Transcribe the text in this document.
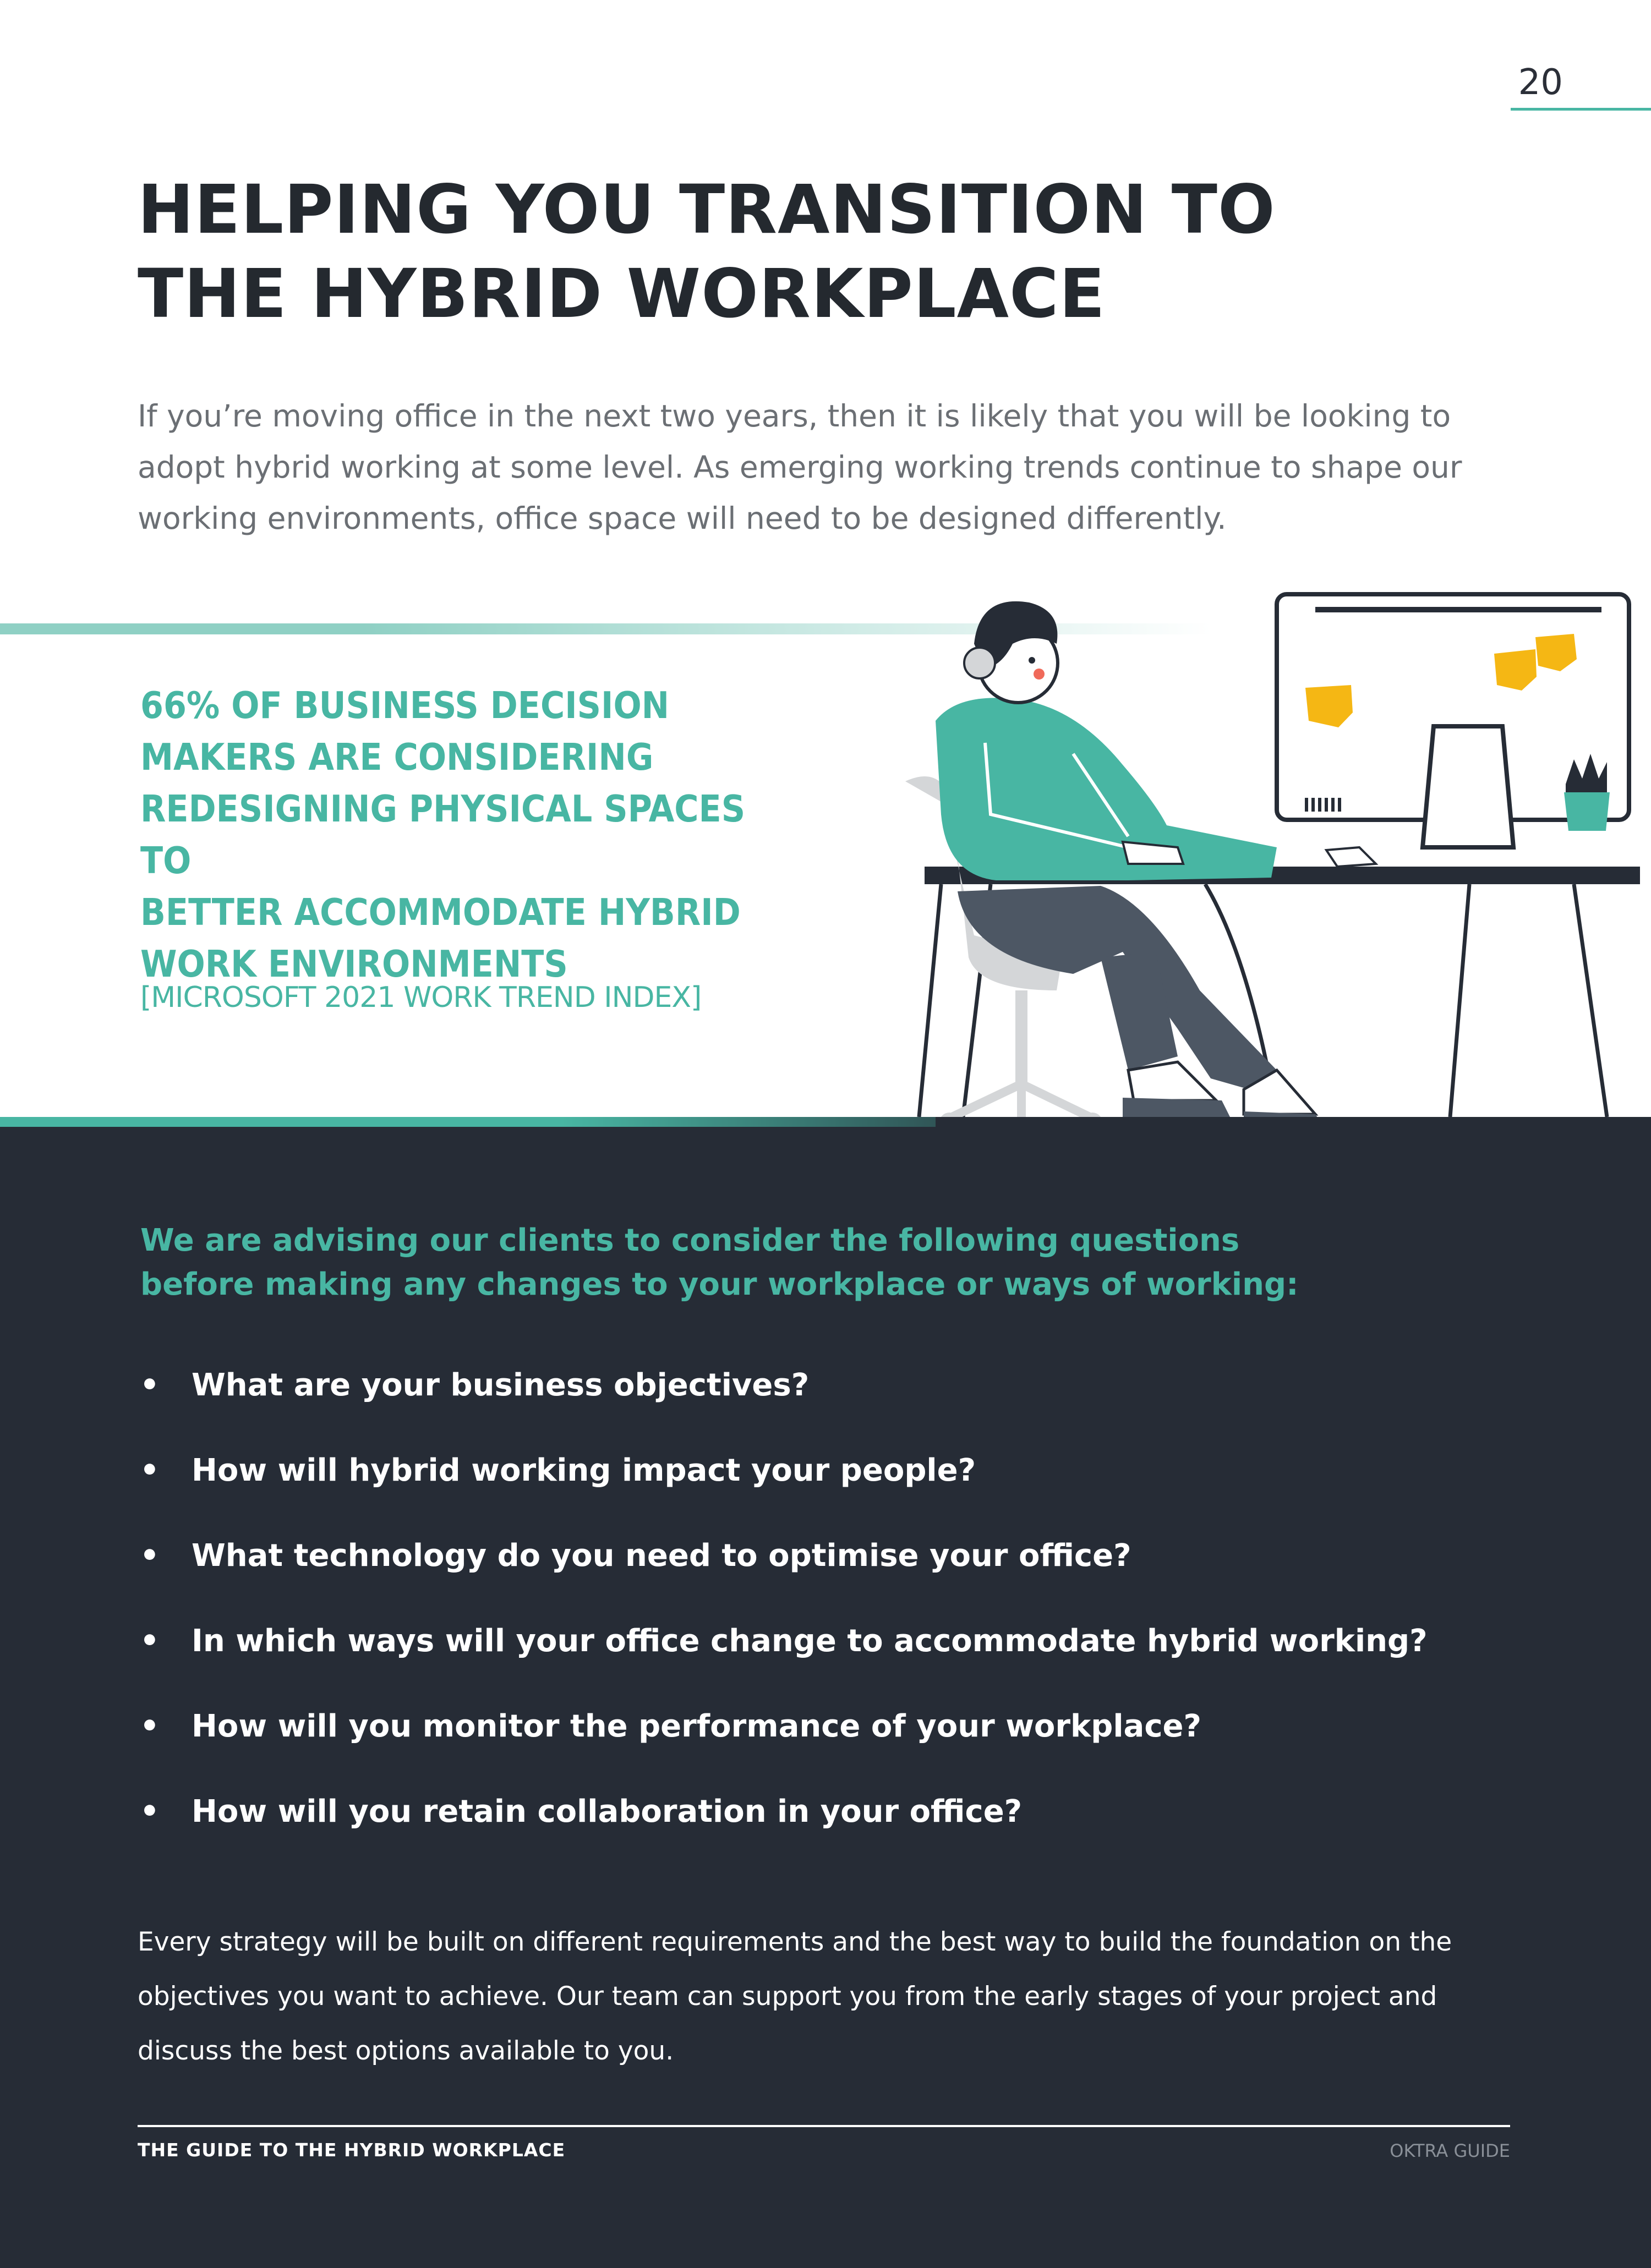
20
HELPING YOU TRANSITION TO
THE HYBRID WORKPLACE

If you’re moving office in the next two years, then it is likely that you will be looking to adopt hybrid working at some level. As emerging working trends continue to shape our working environments, office space will need to be designed differently.

66% OF BUSINESS DECISION
MAKERS ARE CONSIDERING
REDESIGNING PHYSICAL SPACES TO
BETTER ACCOMMODATE HYBRID
WORK ENVIRONMENTS

[MICROSOFT 2021 WORK TREND INDEX]

We are advising our clients to consider the following questions
before making any changes to your workplace or ways of working:

• What are your business objectives?
• How will hybrid working impact your people?
• What technology do you need to optimise your office?
• In which ways will your office change to accommodate hybrid working?
• How will you monitor the performance of your workplace?
• How will you retain collaboration in your office?

Every strategy will be built on different requirements and the best way to build the foundation on the objectives you want to achieve. Our team can support you from the early stages of your project and discuss the best options available to you.

THE GUIDE TO THE HYBRID WORKPLACE	OKTRA GUIDE
